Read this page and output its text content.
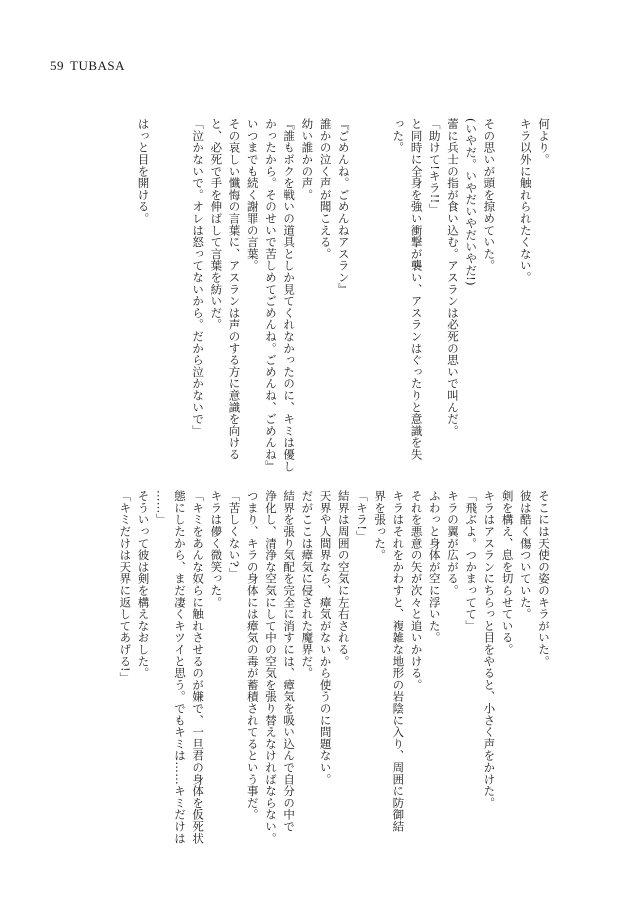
59 TUBASA
何より。
キラ以外に触れられたくない。

その思いが頭を掠めていた。
(いやだ。いやだいやだいやだ!)
蕾に兵士の指が食い込む。アスランは必死の思いで叫んだ。
「助けて!キラ!!」
と同時に全身を強い衝撃が襲い、アスランはぐったりと意識を失
った。

『ごめんね。ごめんねアスラン』
誰かの泣く声が聞こえる。
幼い誰かの声。
『誰もボクを戦いの道具としか見てくれなかったのに、キミは優し
かったから。そのせいで苦しめてごめんね。ごめんね、ごめんね』
いつまでも続く謝罪の言葉。
その哀しい懺悔の言葉に、アスランは声のする方に意識を向ける
と、必死で手を伸ばして言葉を紡いだ。
「泣かないで。オレは怒ってないから。だから泣かないで」

はっと目を開ける。
そこには天使の姿のキラがいた。
彼は酷く傷ついていた。
剣を構え、息を切らせている。
キラはアスランにちらっと目をやると、小さく声をかけた。
「飛ぶよ。つかまってて」
キラの翼が広がる。
ふわっと身体が空に浮いた。
それを悪意の矢が次々と追いかける。
キラはそれをかわすと、複雑な地形の岩陰に入り、周囲に防御結
界を張った。
「キラ!」
結界は周囲の空気に左右される。
天界や人間界なら、瘴気がないから使うのに問題ない。
だがここは瘴気に侵された魔界だ。
結界を張り気配を完全に消すには、瘴気を吸い込んで自分の中で
浄化し、清浄な空気にして中の空気を張り替えなければならない。
つまり、キラの身体には瘴気の毒が蓄積されてるという事だ。
「苦しくない?」
キラは儚く微笑った。
「キミをあんな奴らに触れさせるのが嫌で、一旦君の身体を仮死状
態にしたから、まだ凄くキツイと思う。でもキミは……キミだけは
……」
そういって彼は剣を構えなおした。
「キミだけは天界に返してあげる!」
